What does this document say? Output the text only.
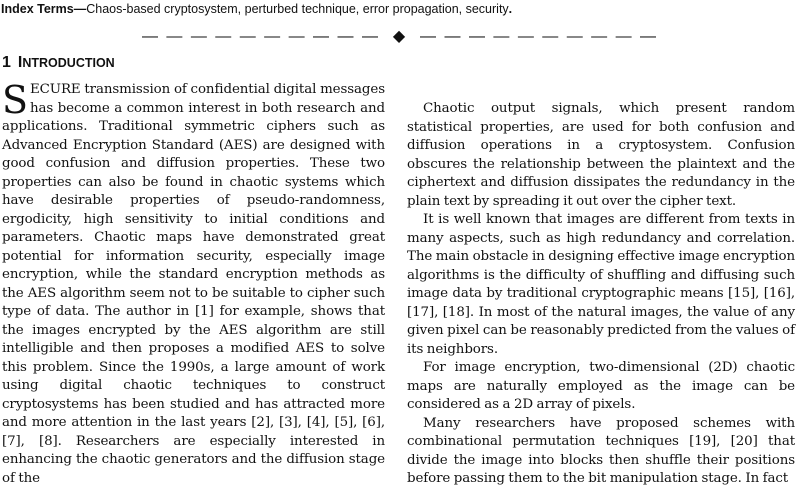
Index Terms—Chaos-based cryptosystem, perturbed technique, error propagation, security.
— — — — — — — — — — ◆ — — — — — — — — — —
1 INTRODUCTION

SECURE transmission of confidential digital messages has become a common interest in both research and applications. Traditional symmetric ciphers such as Advanced Encryption Standard (AES) are designed with good confusion and diffusion properties. These two properties can also be found in chaotic systems which have desirable properties of pseudo-randomness, ergodicity, high sensitivity to initial conditions and parameters. Chaotic maps have demonstrated great potential for information security, especially image encryption, while the standard encryption methods as the AES algorithm seem not to be suitable to cipher such type of data. The author in [1] for example, shows that the images encrypted by the AES algorithm are still intelligible and then proposes a modified AES to solve this problem. Since the 1990s, a large amount of work using digital chaotic techniques to construct cryptosystems has been studied and has attracted more and more attention in the last years [2], [3], [4], [5], [6], [7], [8]. Researchers are especially interested in enhancing the chaotic generators and the diffusion stage of the

Chaotic output signals, which present random statistical properties, are used for both confusion and diffusion operations in a cryptosystem. Confusion obscures the relationship between the plaintext and the ciphertext and diffusion dissipates the redundancy in the plain text by spreading it out over the cipher text.

It is well known that images are different from texts in many aspects, such as high redundancy and correlation. The main obstacle in designing effective image encryption algorithms is the difficulty of shuffling and diffusing such image data by traditional cryptographic means [15], [16], [17], [18]. In most of the natural images, the value of any given pixel can be reasonably predicted from the values of its neighbors.

For image encryption, two-dimensional (2D) chaotic maps are naturally employed as the image can be considered as a 2D array of pixels.

Many researchers have proposed schemes with combinational permutation techniques [19], [20] that divide the image into blocks then shuffle their positions before passing them to the bit manipulation stage. In fact
